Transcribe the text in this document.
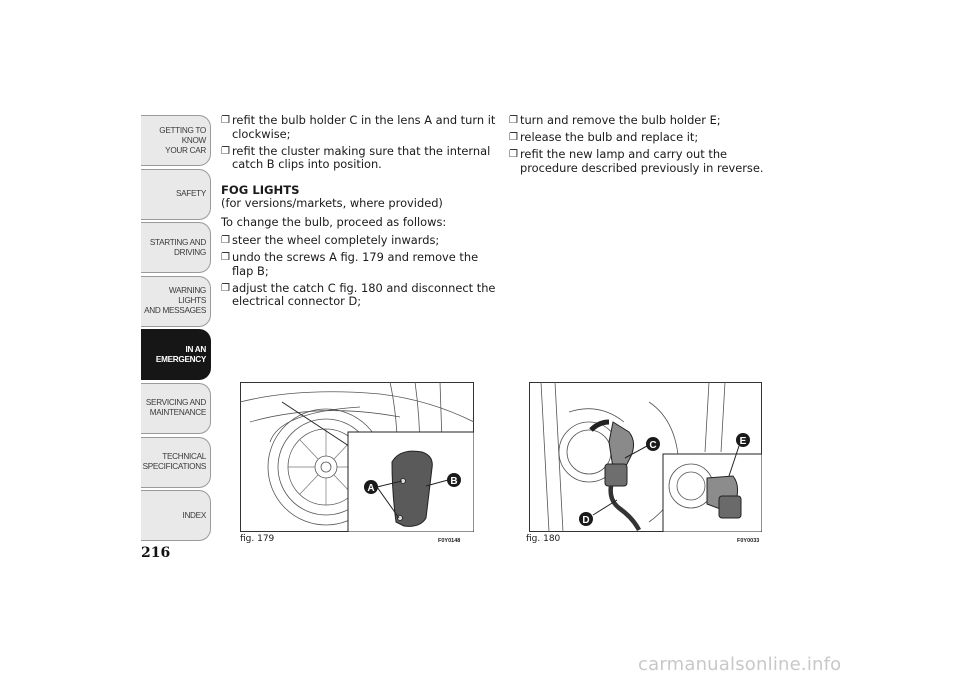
GETTING TO KNOW
YOUR CAR
SAFETY
STARTING AND
DRIVING
WARNING LIGHTS
AND MESSAGES
IN AN
EMERGENCY
SERVICING AND
MAINTENANCE
TECHNICAL
SPECIFICATIONS
INDEX
216
❐ refit the bulb holder C in the lens A and turn it clockwise;
❐ refit the cluster making sure that the internal catch B clips into position.
FOG LIGHTS
(for versions/markets, where provided)
To change the bulb, proceed as follows:
❐ steer the wheel completely inwards;
❐ undo the screws A fig. 179 and remove the flap B;
❐ adjust the catch C fig. 180 and disconnect the electrical connector D;
❐ turn and remove the bulb holder E;
❐ release the bulb and replace it;
❐ refit the new lamp and carry out the procedure described previously in reverse.
A
B
fig. 179	F0Y0148
C	E
D
fig. 180	F0Y0033
carmanualsonline.info
